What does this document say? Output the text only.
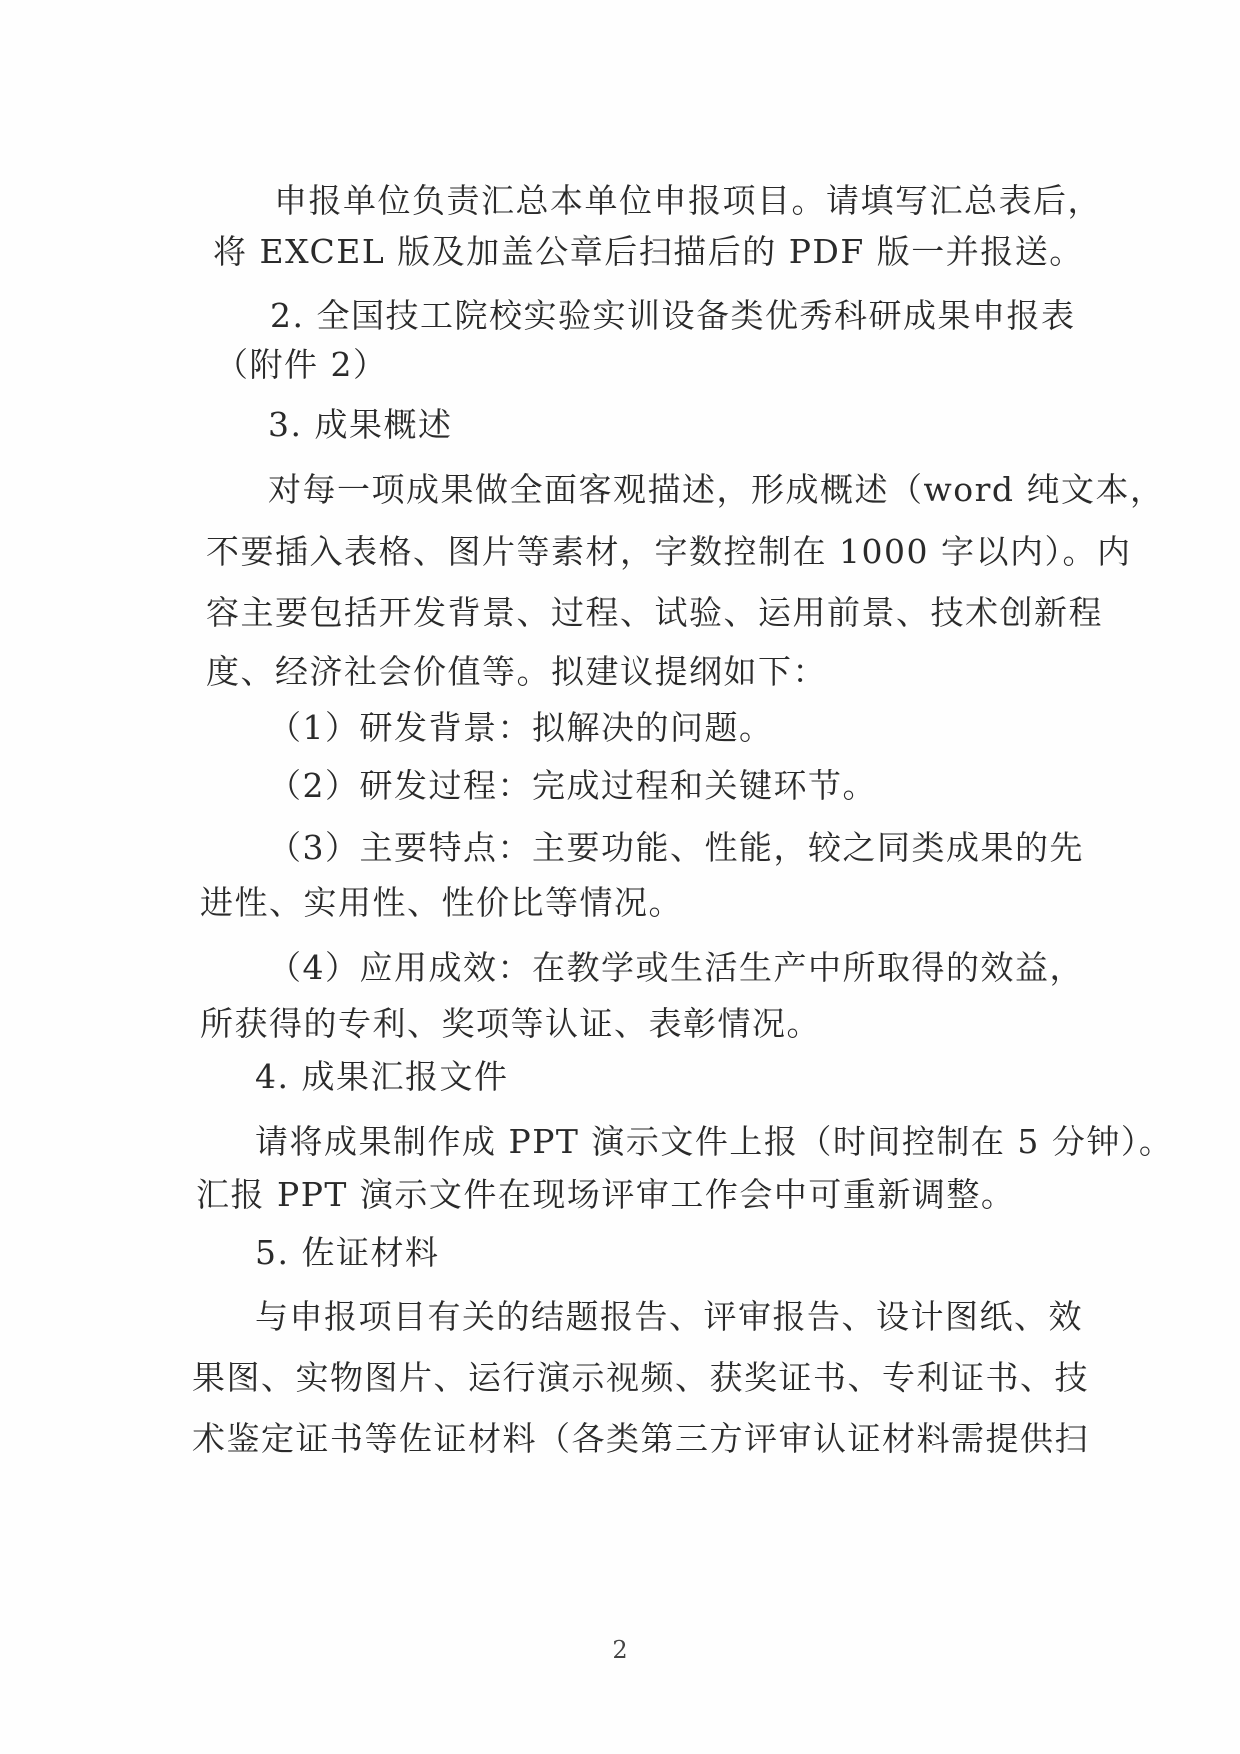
申报单位负责汇总本单位申报项目。请填写汇总表后，
将 EXCEL 版及加盖公章后扫描后的 PDF 版一并报送。
2. 全国技工院校实验实训设备类优秀科研成果申报表
（附件 2）
3. 成果概述
对每一项成果做全面客观描述，形成概述（word 纯文本，
不要插入表格、图片等素材，字数控制在 1000 字以内）。内
容主要包括开发背景、过程、试验、运用前景、技术创新程
度、经济社会价值等。拟建议提纲如下：
（1）研发背景：拟解决的问题。
（2）研发过程：完成过程和关键环节。
（3）主要特点：主要功能、性能，较之同类成果的先
进性、实用性、性价比等情况。
（4）应用成效：在教学或生活生产中所取得的效益，
所获得的专利、奖项等认证、表彰情况。
4. 成果汇报文件
请将成果制作成 PPT 演示文件上报（时间控制在 5 分钟）。
汇报 PPT 演示文件在现场评审工作会中可重新调整。
5. 佐证材料
与申报项目有关的结题报告、评审报告、设计图纸、效
果图、实物图片、运行演示视频、获奖证书、专利证书、技
术鉴定证书等佐证材料（各类第三方评审认证材料需提供扫
2
